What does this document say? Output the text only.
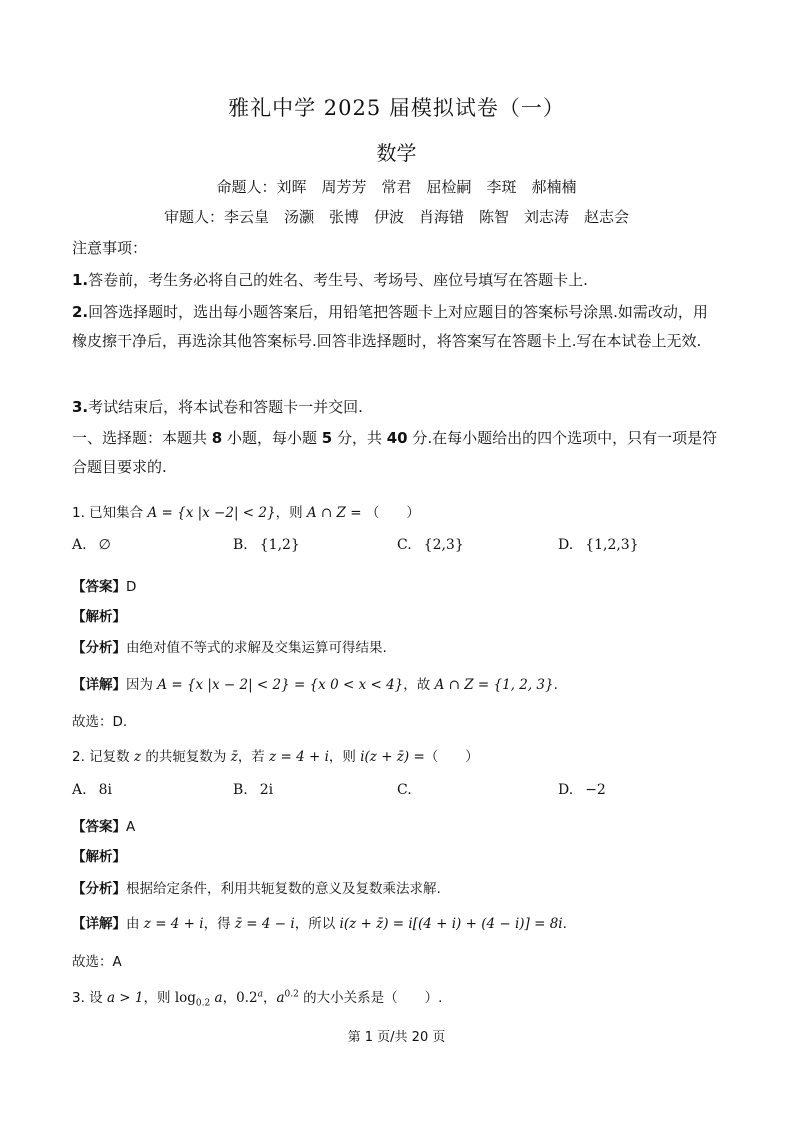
雅礼中学 2025 届模拟试卷（一）
数学
命题人：刘晖　周芳芳　常君　屈检嗣　李斑　郝楠楠
审题人：李云皇　汤灏　张博　伊波　肖海错　陈智　刘志涛　赵志会
注意事项：
1.答卷前，考生务必将自己的姓名、考生号、考场号、座位号填写在答题卡上.
2.回答选择题时，选出每小题答案后，用铅笔把答题卡上对应题目的答案标号涂黑.如需改动，用橡皮擦干净后，再选涂其他答案标号.回答非选择题时，将答案写在答题卡上.写在本试卷上无效.
3.考试结束后，将本试卷和答题卡一并交回.
一、选择题：本题共 8 小题，每小题 5 分，共 40 分.在每小题给出的四个选项中，只有一项是符合题目要求的.
1. 已知集合 A = {x |x −2| < 2}，则 A ∩ Z = （　　）
A. ∅	B. {1,2}	C. {2,3}	D. {1,2,3}
【答案】D
【解析】
【分析】由绝对值不等式的求解及交集运算可得结果.
【详解】因为 A = {x |x − 2| < 2} = {x 0 < x < 4}，故 A ∩ Z = {1, 2, 3}.
故选：D.
2. 记复数 z 的共轭复数为 z̄，若 z = 4 + i，则 i(z + z̄) =（　　）
A. 8i	B. 2i	C.	D. −2
【答案】A
【解析】
【分析】根据给定条件，利用共轭复数的意义及复数乘法求解.
【详解】由 z = 4 + i，得 z̄ = 4 − i，所以 i(z + z̄) = i[(4 + i) + (4 − i)] = 8i.
故选：A
3. 设 a > 1，则 $\log_{0.2} a$，0.2$^a$，$a^{0.2}$ 的大小关系是（　　）.
第 1 页/共 20 页
